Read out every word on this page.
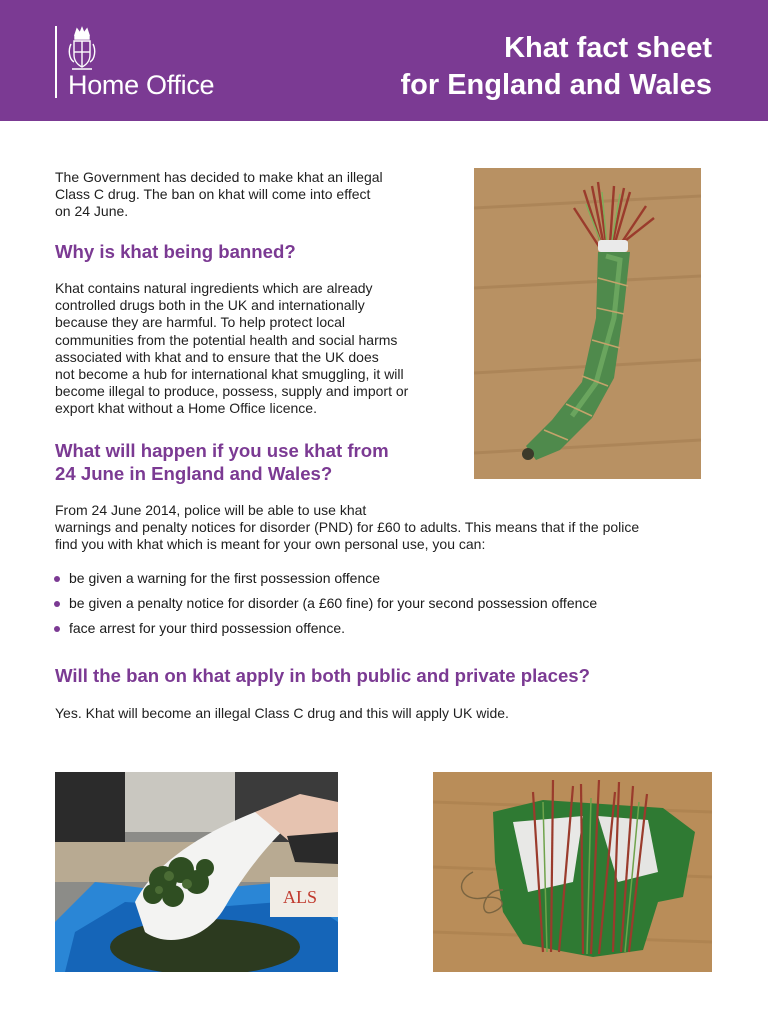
Home Office
Khat fact sheet
for England and Wales
The Government has decided to make khat an illegal
Class C drug. The ban on khat will come into effect
on 24 June.
Why is khat being banned?
Khat contains natural ingredients which are already
controlled drugs both in the UK and internationally
because they are harmful. To help protect local
communities from the potential health and social harms
associated with khat and to ensure that the UK does
not become a hub for international khat smuggling, it will
become illegal to produce, possess, supply and import or
export khat without a Home Office licence.
What will happen if you use khat from
24 June in England and Wales?
From 24 June 2014, police will be able to use khat
warnings and penalty notices for disorder (PND) for £60 to adults. This means that if the police
find you with khat which is meant for your own personal use, you can:
be given a warning for the first possession offence
be given a penalty notice for disorder (a £60 fine) for your second possession offence
face arrest for your third possession offence.
Will the ban on khat apply in both public and private places?
Yes. Khat will become an illegal Class C drug and this will apply UK wide.
ALS
